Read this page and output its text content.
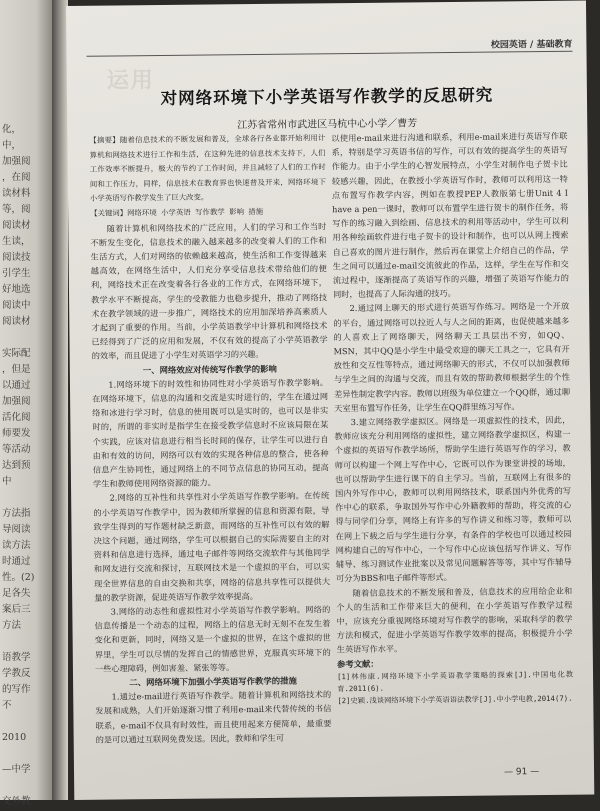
化，
中，
加强阅
，在阅
读材料
等，阅
阅读材
生读，
阅读技
引学生
好地选
阅读中
阅读材
实际配
，但是
以通过
加强阅
活化阅
师要发
等活动
达到预
中
方法指
导阅读
读方法
时通过
性。(2)
足各失
案后三
方法
语教学
学教反
的写作
不
2010
—中学
交外教
校园英语 / 基础教育
运用
对网络环境下小学英语写作教学的反思研究
江苏省常州市武进区马杭中心小学／曹芳

【摘要】随着信息技术的不断发展和普及，全球各行各业都开始利用计算机和网络技术进行工作和生活，在这种先进的信息技术支持下，人们工作效率不断提升，极大的节约了工作时间，并且减轻了人们的工作时间和工作压力，同样，信息技术在教育界也快速普及开来，网络环境下小学英语写作教学发生了巨大改变。

【关键词】网络环境 小学英语 写作教学 影响 措施

随着计算机和网络技术的广泛应用，人们的学习和工作当时不断发生变化，信息技术的融入越来越多的改变着人们的工作和生活方式，人们对网络的依赖越来越高，使生活和工作变得越来越高效，在网络生活中，人们充分享受信息技术带给他们的便利，网络技术正在改变着各行各业的工作方式，在网络环境下，教学水平不断提高，学生的受教能力也稳步提升，推动了网络技术在教学领域的进一步推广，网络技术的应用加深培养高素质人才起到了重要的作用。当前，小学英语教学中计算机和网络技术已经得到了广泛的应用和发展，不仅有效的提高了小学英语教学的效率，而且促进了小学生对英语学习的兴趣。

一、网络效应对传统写作教学的影响

1.网络环境下的时效性和协同性对小学英语写作教学影响。在网络环境下，信息的沟通和交流是实时进行的，学生在通过网络和冰进行学习时，信息的使用既可以是实时的，也可以是非实时的，所谓的非实时是指学生在接受教学信息时不应该局限在某个实践，应该对信息进行相当长时间的保存，让学生可以进行自由和有效的访问，网络可以有效的实现各种信息的整合，使各种信息产生协同性，通过网络上的不同节点信息的协同互动，提高学生和教师使用网络资源的能力。

2.网络的互补性和共享性对小学英语写作教学影响。在传统的小学英语写作教学中，因为教师所掌握的信息和资源有限，导致学生得到的写作题材缺乏新意，而网络的互补性可以有效的解决这个问题，通过网络，学生可以根据自己的实际需要自主的对资料和信息进行选择，通过电子邮件等网络交流软件与其他同学和网友进行交流和探讨，互联网技术是一个虚拟的平台，可以实现全世界信息的自由交换和共享，网络的信息共享性可以提供大量的教学资源，促进英语写作教学效率提高。

3.网络的动态性和虚拟性对小学英语写作教学影响。网络的信息传播是一个动态的过程，网络上的信息无时无刻不在发生着变化和更新，同时，网络又是一个虚拟的世界，在这个虚拟的世界里，学生可以尽情的发挥自己的情感世界，克服真实环境下的一些心理障碍，例如害羞、紧张等等。

二、网络环境下加强小学英语写作教学的措施

1.通过e-mail进行英语写作教学。随着计算机和网络技术的发展和成熟，人们开始逐渐习惯了利用e-mail来代替传统的书信联系，e-mail不仅具有时效性，而且使用起来方便简单，最重要的是可以通过互联网免费发送。因此，教师和学生可

以使用e-mail来进行沟通和联系，利用e-mail来进行英语写作联系，特别是学习英语书信的写作，可以有效的提高学生的英语写作能力。由于小学生的心智发展特点，小学生对制作电子贺卡比较感兴趣，因此，在教授小学英语写作时，教师可以利用这一特点布置写作教学内容，例如在教授PEP人教版第七册Unit 4 I have a pen一课时，教师可以布置学生进行贺卡的制作任务，将写作的练习融入到绘画、信息技术的利用等活动中，学生可以利用各种绘画软件进行电子贺卡的设计和制作，也可以从网上搜索自己喜欢的图片进行制作，然后再在课堂上介绍自己的作品，学生之间可以通过e-mail交流彼此的作品，这样，学生在写作和交流过程中，逐渐提高了英语写作的兴趣，增强了英语写作能力的同时，也提高了人际沟通的技巧。

2.通过网上聊天的形式进行英语写作练习。网络是一个开放的平台，通过网络可以拉近人与人之间的距离，也促使越来越多的人喜欢上了网络聊天，网络聊天工具层出不穷，如QQ、MSN，其中QQ是小学生中最受欢迎的聊天工具之一，它具有开放性和交互性等特点，通过网络聊天的形式，不仅可以加强教师与学生之间的沟通与交流，而且有效的帮助教师根据学生的个性差异性制定教学内容。教师以班级为单位建立一个QQ群，通过聊天室里布置写作任务，让学生在QQ群里练习写作。

3.建立网络教学虚拟区。网络是一项虚拟性的技术，因此，教师应该充分利用网络的虚拟性，建立网络教学虚拟区，构建一个虚拟的英语写作教学场所，帮助学生进行英语写作的学习，教师可以构建一个网上写作中心，它既可以作为课堂讲授的场地，也可以帮助学生进行课下的自主学习。当前，互联网上有很多的国内外写作中心，教师可以利用网络技术，联系国内外优秀的写作中心的联系，争取国外写作中心外籍教师的帮助，将交流的心得与同学们分享，网络上有许多的写作讲义和练习等，教师可以在网上下载之后与学生进行分享，有条件的学校也可以通过校园网构建自己的写作中心，一个写作中心应该包括写作讲义、写作辅导、练习测试作业批案以及常见问题解答等等，其中写作辅导可分为BBS和电子邮件等形式。

随着信息技术的不断发展和普及，信息技术的应用给企业和个人的生活和工作带来巨大的便利，在小学英语写作教学过程中，应该充分重视网络环境对写作教学的影响，采取科学的教学方法和模式，促进小学英语写作教学效率的提高，积极提升小学生英语写作水平。

参考文献：

[1]林伟康.网络环境下小学英语教学策略的探索[J].中国电化教育.2011(6).

[2]史颖.浅谈网络环境下小学英语语法教学[J].中小学电教,2014(7).

— 91 —
